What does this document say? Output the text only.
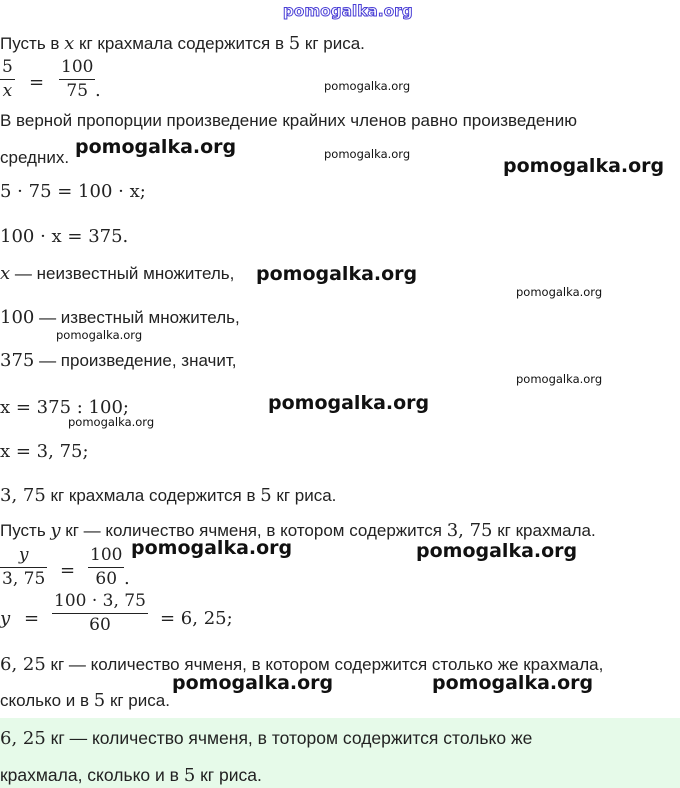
pomogalka.org
Пусть в x кг крахмала содержится в 5 кг риса.
5
x =
100
75 .
В верной пропорции произведение крайних членов равно произведению
средних.
5 · 75 = 100 · x;
100 · x = 375.
x — неизвестный множитель,
100 — известный множитель,
375 — произведение, значит,
x = 375 : 100;
x = 3, 75;
3, 75 кг крахмала содержится в 5 кг риса.
Пусть y кг — количество ячменя, в котором содержится 3, 75 кг крахмала.
y
3, 75 =
100
60 .
y =
100 · 3, 75
60	= 6, 25;
6, 25 кг — количество ячменя, в котором содержится столько же крахмала,
сколько и в 5 кг риса.
6, 25 кг — количество ячменя, в тотором содержится столько же
крахмала, сколько и в 5 кг риса.
pomogalka.org
pomogalka.org
pomogalka.org
pomogalka.org
pomogalka.org	pomogalka.org
pomogalka.org	pomogalka.org
pomogalka.org
pomogalka.org
pomogalka.org
pomogalka.org
pomogalka.org
pomogalka.org
